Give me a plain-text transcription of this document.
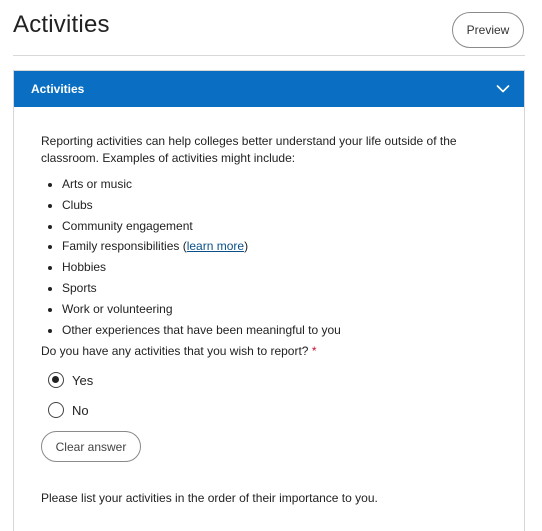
Activities	Preview
Activities
Reporting activities can help colleges better understand your life outside of the classroom. Examples of activities might include:
Arts or music
Clubs
Community engagement
Family responsibilities (learn more)
Hobbies
Sports
Work or volunteering
Other experiences that have been meaningful to you
Do you have any activities that you wish to report? *
Yes
No
Clear answer
Please list your activities in the order of their importance to you.
